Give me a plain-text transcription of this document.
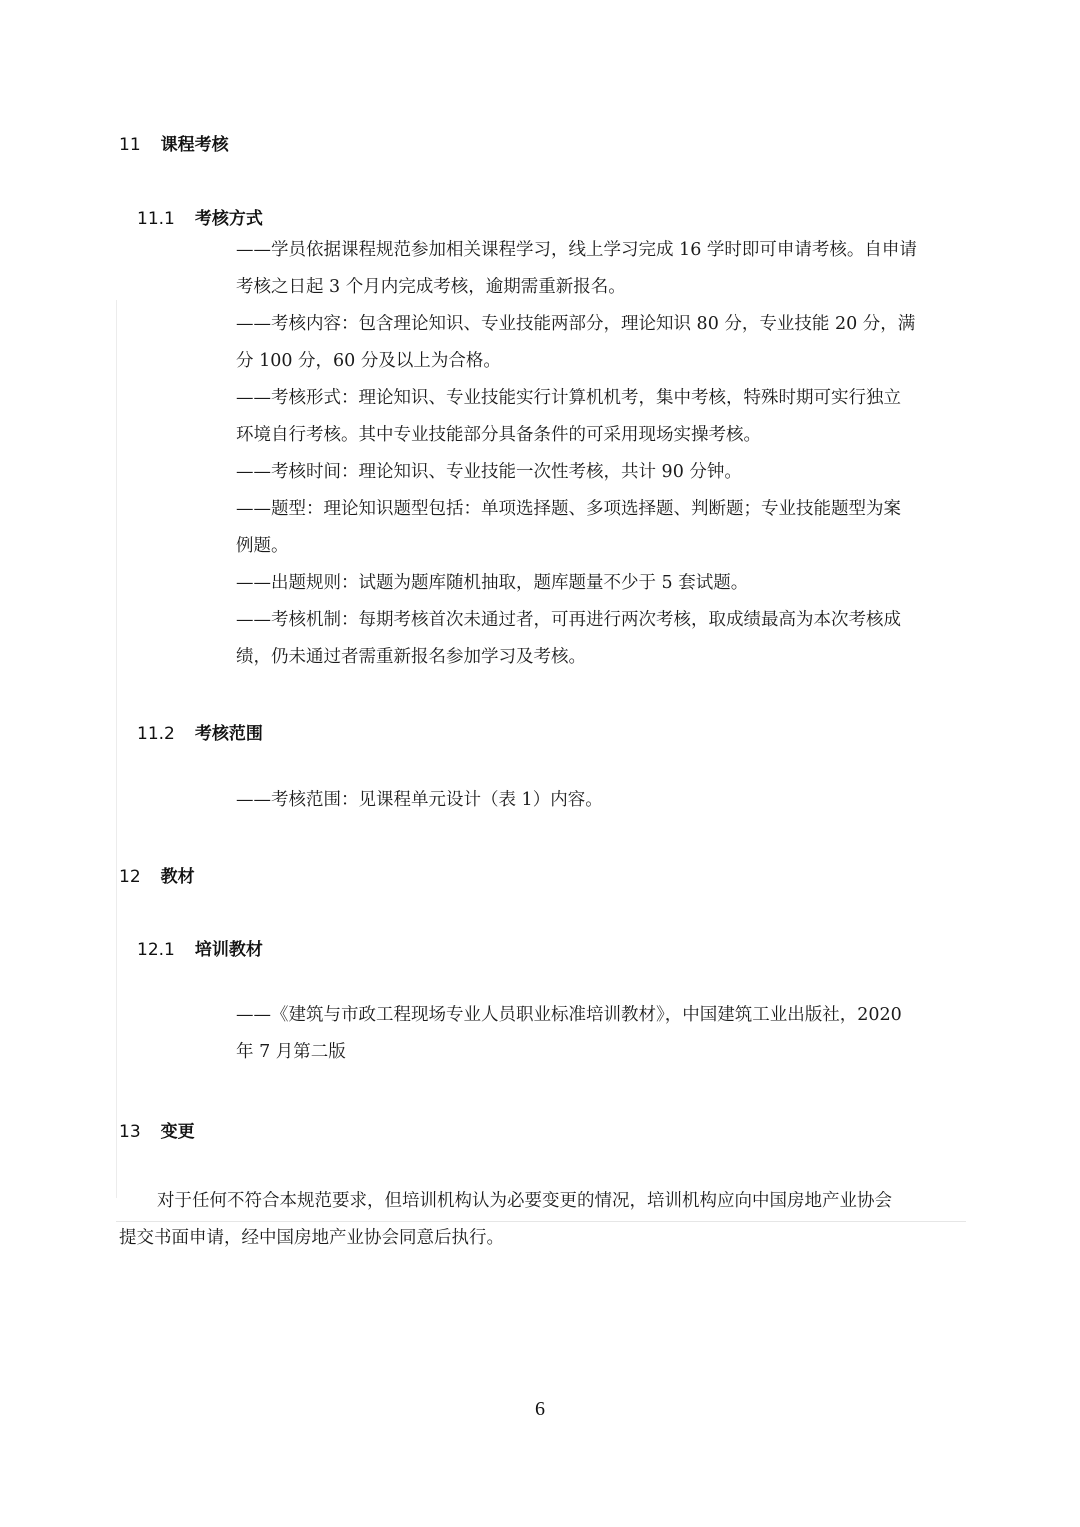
11 课程考核
11.1 考核方式
——学员依据课程规范参加相关课程学习，线上学习完成 16 学时即可申请考核。自申请
考核之日起 3 个月内完成考核，逾期需重新报名。
——考核内容：包含理论知识、专业技能两部分，理论知识 80 分，专业技能 20 分，满
分 100 分，60 分及以上为合格。
——考核形式：理论知识、专业技能实行计算机机考，集中考核，特殊时期可实行独立
环境自行考核。其中专业技能部分具备条件的可采用现场实操考核。
——考核时间：理论知识、专业技能一次性考核，共计 90 分钟。
——题型：理论知识题型包括：单项选择题、多项选择题、判断题；专业技能题型为案
例题。
——出题规则：试题为题库随机抽取，题库题量不少于 5 套试题。
——考核机制：每期考核首次未通过者，可再进行两次考核，取成绩最高为本次考核成
绩，仍未通过者需重新报名参加学习及考核。
11.2 考核范围
——考核范围：见课程单元设计（表 1）内容。
12 教材
12.1 培训教材
——《建筑与市政工程现场专业人员职业标准培训教材》，中国建筑工业出版社，2020
年 7 月第二版
13 变更
对于任何不符合本规范要求，但培训机构认为必要变更的情况，培训机构应向中国房地产业协会
提交书面申请，经中国房地产业协会同意后执行。
6
